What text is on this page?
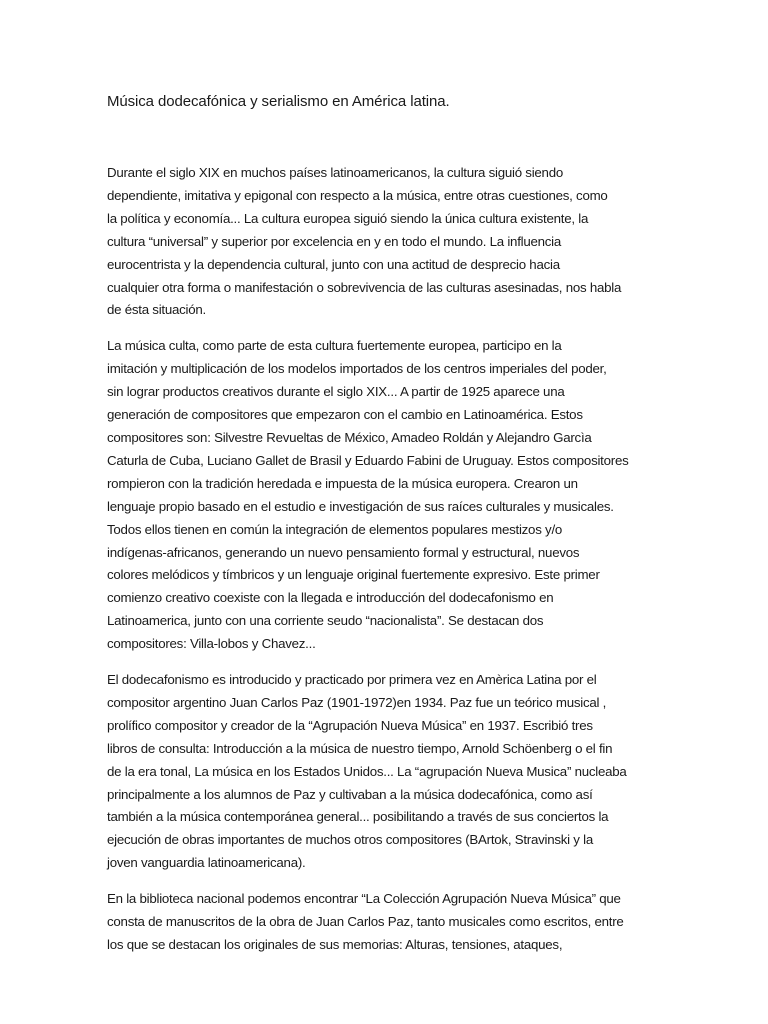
Música dodecafónica y serialismo en América latina.

Durante el siglo XIX en muchos países latinoamericanos, la cultura siguió siendo
dependiente, imitativa y epigonal con respecto a la música, entre otras cuestiones, como
la política y economía... La cultura europea siguió siendo la única cultura existente, la
cultura “universal” y superior por excelencia en y en todo el mundo. La influencia
eurocentrista y la dependencia cultural, junto con una actitud de desprecio hacia
cualquier otra forma o manifestación o sobrevivencia de las culturas asesinadas, nos habla
de ésta situación.

La música culta, como parte de esta cultura fuertemente europea, participo en la
imitación y multiplicación de los modelos importados de los centros imperiales del poder,
sin lograr productos creativos durante el siglo XIX... A partir de 1925 aparece una
generación de compositores que empezaron con el cambio en Latinoamérica. Estos
compositores son: Silvestre Revueltas de México, Amadeo Roldán y Alejandro Garcìa
Caturla de Cuba, Luciano Gallet de Brasil y Eduardo Fabini de Uruguay. Estos compositores
rompieron con la tradición heredada e impuesta de la música europera. Crearon un
lenguaje propio basado en el estudio e investigación de sus raíces culturales y musicales.
Todos ellos tienen en común la integración de elementos populares mestizos y/o
indígenas-africanos, generando un nuevo pensamiento formal y estructural, nuevos
colores melódicos y tímbricos y un lenguaje original fuertemente expresivo. Este primer
comienzo creativo coexiste con la llegada e introducción del dodecafonismo en
Latinoamerica, junto con una corriente seudo “nacionalista”. Se destacan dos
compositores: Villa-lobos y Chavez...

El dodecafonismo es introducido y practicado por primera vez en Amèrica Latina por el
compositor argentino Juan Carlos Paz (1901-1972)en 1934. Paz fue un teórico musical ,
prolífico compositor y creador de la “Agrupación Nueva Música” en 1937. Escribió tres
libros de consulta: Introducción a la música de nuestro tiempo, Arnold Schöenberg o el fin
de la era tonal, La música en los Estados Unidos... La “agrupación Nueva Musica” nucleaba
principalmente a los alumnos de Paz y cultivaban a la música dodecafónica, como así
también a la música contemporánea general... posibilitando a través de sus conciertos la
ejecución de obras importantes de muchos otros compositores (BArtok, Stravinski y la
joven vanguardia latinoamericana).

En la biblioteca nacional podemos encontrar “La Colección Agrupación Nueva Música” que
consta de manuscritos de la obra de Juan Carlos Paz, tanto musicales como escritos, entre
los que se destacan los originales de sus memorias: Alturas, tensiones, ataques,
